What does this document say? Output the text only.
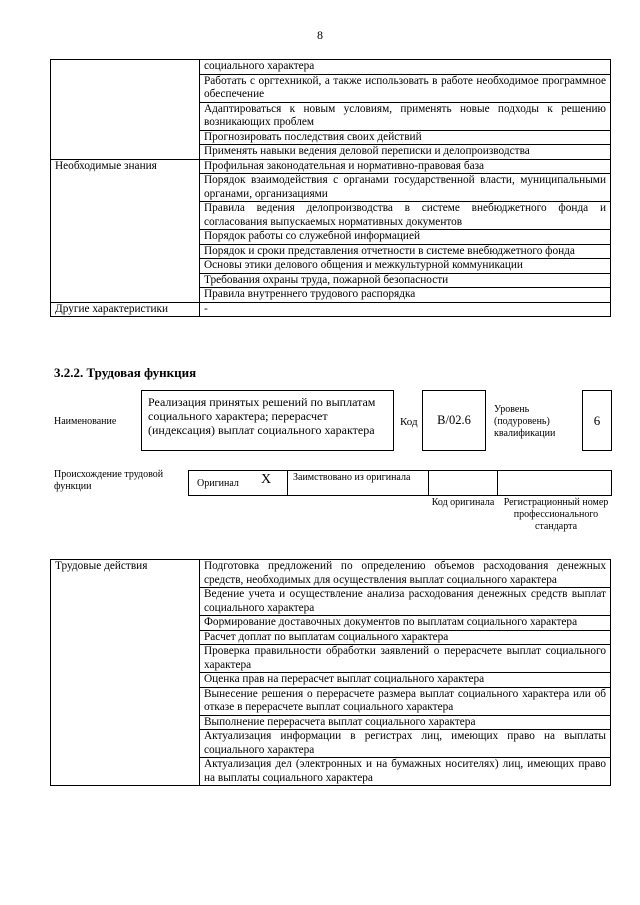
8
	социального характера
	Работать с оргтехникой, а также использовать в работе необходимое программное обеспечение
	Адаптироваться к новым условиям, применять новые подходы к решению возникающих проблем
	Прогнозировать последствия своих действий
	Применять навыки ведения деловой переписки и делопроизводства
Необходимые знания	Профильная законодательная и нормативно-правовая база
	Порядок взаимодействия с органами государственной власти, муниципальными органами, организациями
	Правила ведения делопроизводства в системе внебюджетного фонда и согласования выпускаемых нормативных документов
	Порядок работы со служебной информацией
	Порядок и сроки представления отчетности в системе внебюджетного фонда
	Основы этики делового общения и межкультурной коммуникации
	Требования охраны труда, пожарной безопасности
	Правила внутреннего трудового распорядка
Другие характеристики	-
3.2.2. Трудовая функция
Наименование
Реализация принятых решений по выплатам социального характера; перерасчет (индексация) выплат социального характера
Код	В/02.6
Уровень (подуровень) квалификации
6
Происхождение трудовой функции	Оригинал X	Заимствовано из оригинала
Код оригинала Регистрационный номер профессионального стандарта
Трудовые действия	Подготовка предложений по определению объемов расходования денежных средств, необходимых для осуществления выплат социального характера
Ведение учета и осуществление анализа расходования денежных средств выплат социального характера
Формирование доставочных документов по выплатам социального характера
Расчет доплат по выплатам социального характера
Проверка правильности обработки заявлений о перерасчете выплат социального характера
Оценка прав на перерасчет выплат социального характера
Вынесение решения о перерасчете размера выплат социального характера или об отказе в перерасчете выплат социального характера
Выполнение перерасчета выплат социального характера
Актуализация информации в регистрах лиц, имеющих право на выплаты социального характера
Актуализация дел (электронных и на бумажных носителях) лиц, имеющих право на выплаты социального характера
